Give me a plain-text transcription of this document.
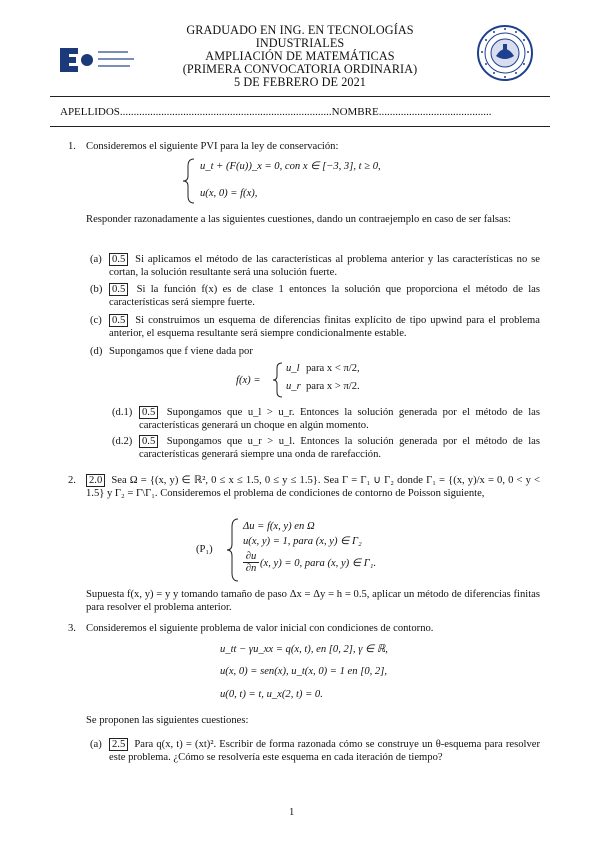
GRADUADO EN ING. EN TECNOLOGÍAS INDUSTRIALES
AMPLIACIÓN DE MATEMÁTICAS
(PRIMERA CONVOCATORIA ORDINARIA)
5 DE FEBRERO DE 2021
APELLIDOS.............................................................................NOMBRE.........................................
1. Consideremos el siguiente PVI para la ley de conservación:
u_t + (F(u))_x = 0, con x ∈ [−3, 3], t ≥ 0,
u(x, 0) = f(x),
Responder razonadamente a las siguientes cuestiones, dando un contraejemplo en caso de ser falsas:
(a) 0.5 Si aplicamos el método de las características al problema anterior y las características no se cortan, la solución resultante será una solución fuerte.
(b) 0.5 Si la función f(x) es de clase 1 entonces la solución que proporciona el método de las características será siempre fuerte.
(c) 0.5 Si construimos un esquema de diferencias finitas explícito de tipo upwind para el problema anterior, el esquema resultante será siempre condicionalmente estable.
(d) Supongamos que f viene dada por
f(x) =
u_l para x < π/2,
u_r para x > π/2.
(d.1) 0.5 Supongamos que u_l > u_r. Entonces la solución generada por el método de las características generará un choque en algún momento.
(d.2) 0.5 Supongamos que u_r > u_l. Entonces la solución generada por el método de las características generará siempre una onda de rarefacción.
2. 2.0 Sea Ω = {(x, y) ∈ ℝ², 0 ≤ x ≤ 1.5, 0 ≤ y ≤ 1.5}. Sea Γ = Γ₁ ∪ Γ₂ donde Γ₁ = {(x, y)/x = 0, 0 < y < 1.5} y Γ₂ = Γ\Γ₁. Consideremos el problema de condiciones de contorno de Poisson siguiente,
(P₁)
Δu = f(x, y) en Ω
u(x, y) = 1, para (x, y) ∈ Γ₂
$\frac{\partial u}{\partial n} (x$, y) = 0, para (x, y) ∈ Γ₁.
Supuesta f(x, y) = y y tomando tamaño de paso Δx = Δy = h = 0.5, aplicar un método de diferencias finitas para resolver el problema anterior.
3. Consideremos el siguiente problema de valor inicial con condiciones de contorno.
u_tt − γu_xx = q(x, t), en [0, 2], γ ∈ ℝ,
u(x, 0) = sen(x), u_t(x, 0) = 1 en [0, 2],
u(0, t) = t, u_x(2, t) = 0.
Se proponen las siguientes cuestiones:
(a) 2.5 Para q(x, t) = (xt)². Escribir de forma razonada cómo se construye un θ-esquema para resolver este problema. ¿Cómo se resolvería este esquema en cada iteración de tiempo?
1
